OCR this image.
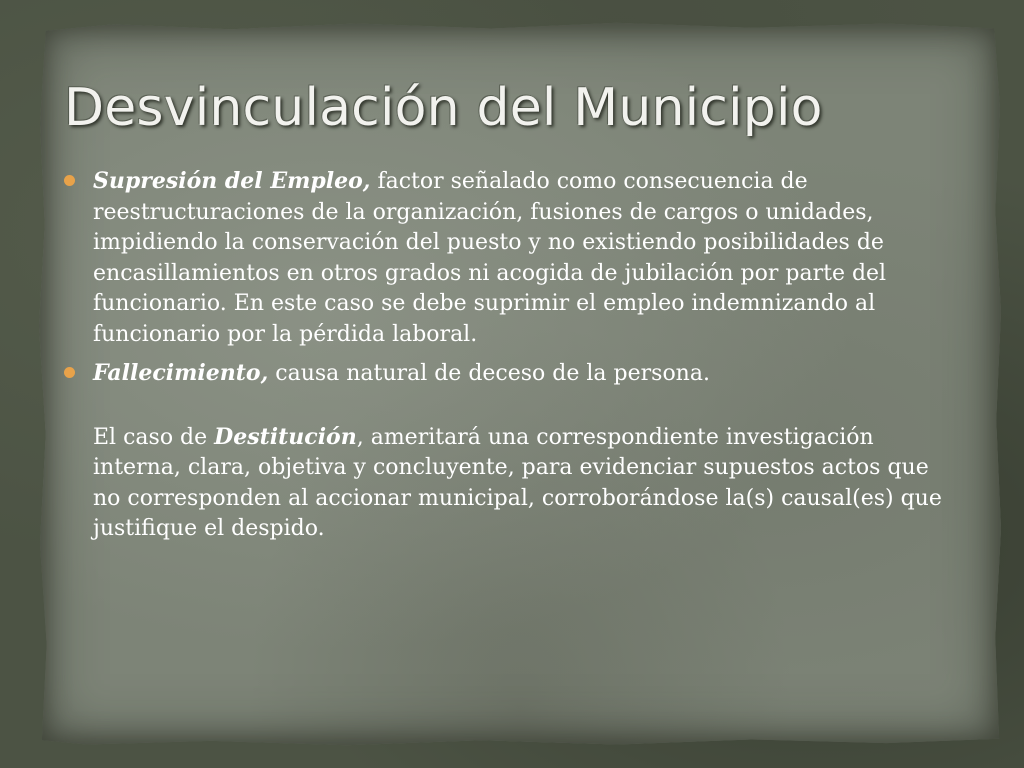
Desvinculación del Municipio
Supresión del Empleo, factor señalado como consecuencia de reestructuraciones de la organización, fusiones de cargos o unidades, impidiendo la conservación del puesto y no existiendo posibilidades de encasillamientos en otros grados ni acogida de jubilación por parte del funcionario. En este caso se debe suprimir el empleo indemnizando al funcionario por la pérdida laboral.
Fallecimiento, causa natural de deceso de la persona.

El caso de Destitución, ameritará una correspondiente investigación interna, clara, objetiva y concluyente, para evidenciar supuestos actos que no corresponden al accionar municipal, corroborándose la(s) causal(es) que justifique el despido.
